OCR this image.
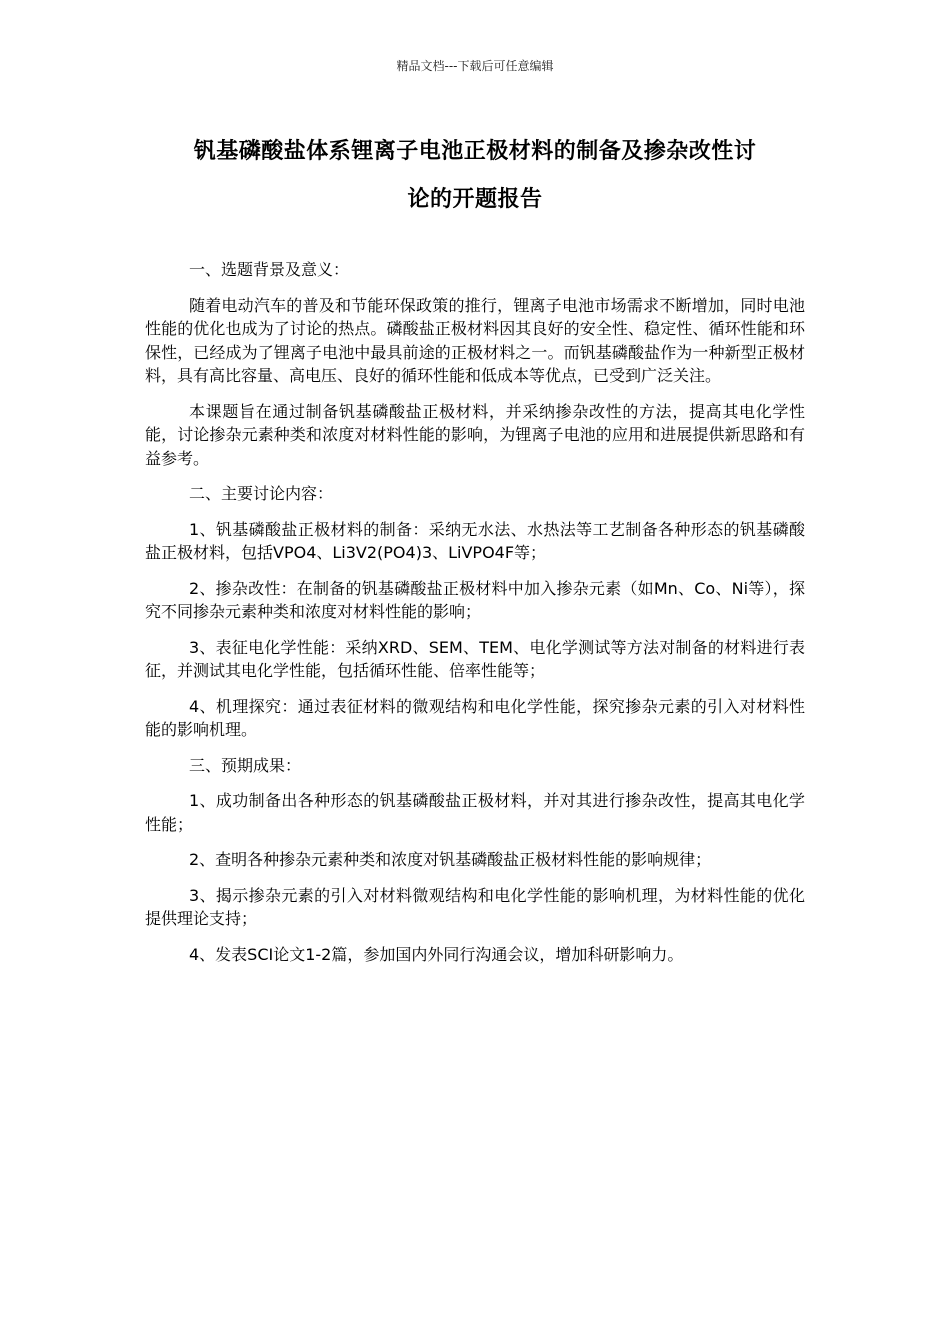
精品文档---下载后可任意编辑
钒基磷酸盐体系锂离子电池正极材料的制备及掺杂改性讨
论的开题报告

一、选题背景及意义：

随着电动汽车的普及和节能环保政策的推行，锂离子电池市场需求不断增加，同时电池性能的优化也成为了讨论的热点。磷酸盐正极材料因其良好的安全性、稳定性、循环性能和环保性，已经成为了锂离子电池中最具前途的正极材料之一。而钒基磷酸盐作为一种新型正极材料，具有高比容量、高电压、良好的循环性能和低成本等优点，已受到广泛关注。

本课题旨在通过制备钒基磷酸盐正极材料，并采纳掺杂改性的方法，提高其电化学性能，讨论掺杂元素种类和浓度对材料性能的影响，为锂离子电池的应用和进展提供新思路和有益参考。

二、主要讨论内容：

1、钒基磷酸盐正极材料的制备：采纳无水法、水热法等工艺制备各种形态的钒基磷酸盐正极材料，包括VPO4、Li3V2(PO4)3、LiVPO4F等；

2、掺杂改性：在制备的钒基磷酸盐正极材料中加入掺杂元素（如Mn、Co、Ni等），探究不同掺杂元素种类和浓度对材料性能的影响；

3、表征电化学性能：采纳XRD、SEM、TEM、电化学测试等方法对制备的材料进行表征，并测试其电化学性能，包括循环性能、倍率性能等；

4、机理探究：通过表征材料的微观结构和电化学性能，探究掺杂元素的引入对材料性能的影响机理。

三、预期成果：

1、成功制备出各种形态的钒基磷酸盐正极材料，并对其进行掺杂改性，提高其电化学性能；

2、查明各种掺杂元素种类和浓度对钒基磷酸盐正极材料性能的影响规律；

3、揭示掺杂元素的引入对材料微观结构和电化学性能的影响机理，为材料性能的优化提供理论支持；

4、发表SCI论文1-2篇，参加国内外同行沟通会议，增加科研影响力。
